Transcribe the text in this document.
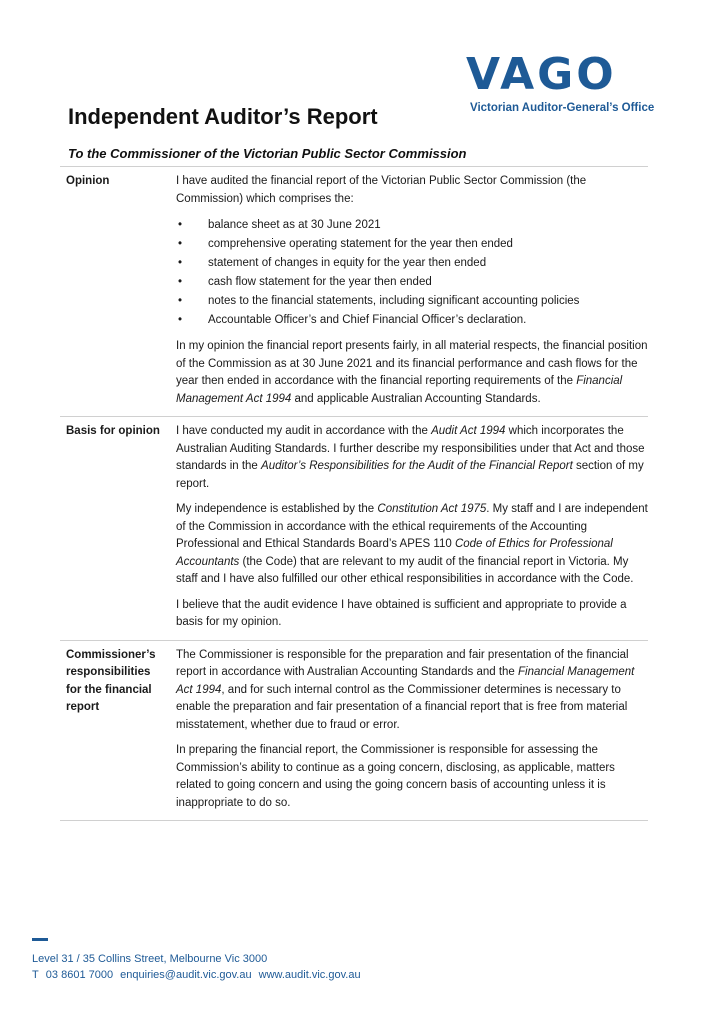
VAGO
Victorian Auditor-General’s Office
Independent Auditor’s Report
To the Commissioner of the Victorian Public Sector Commission
Opinion	I have audited the financial report of the Victorian Public Sector Commission (the Commission) which comprises the:

• balance sheet as at 30 June 2021
• comprehensive operating statement for the year then ended
• statement of changes in equity for the year then ended
• cash flow statement for the year then ended
• notes to the financial statements, including significant accounting policies
• Accountable Officer’s and Chief Financial Officer’s declaration.

In my opinion the financial report presents fairly, in all material respects, the financial position of the Commission as at 30 June 2021 and its financial performance and cash flows for the year then ended in accordance with the financial reporting requirements of the Financial Management Act 1994 and applicable Australian Accounting Standards.

Basis for opinion I have conducted my audit in accordance with the Audit Act 1994 which incorporates the Australian Auditing Standards. I further describe my responsibilities under that Act and those standards in the Auditor’s Responsibilities for the Audit of the Financial Report section of my report.

My independence is established by the Constitution Act 1975. My staff and I are independent of the Commission in accordance with the ethical requirements of the Accounting Professional and Ethical Standards Board’s APES 110 Code of Ethics for Professional Accountants (the Code) that are relevant to my audit of the financial report in Victoria. My staff and I have also fulfilled our other ethical responsibilities in accordance with the Code.

I believe that the audit evidence I have obtained is sufficient and appropriate to provide a basis for my opinion.

Commissioner’s responsibilities for the financial report

The Commissioner is responsible for the preparation and fair presentation of the financial report in accordance with Australian Accounting Standards and the Financial Management Act 1994, and for such internal control as the Commissioner determines is necessary to enable the preparation and fair presentation of a financial report that is free from material misstatement, whether due to fraud or error.

In preparing the financial report, the Commissioner is responsible for assessing the Commission’s ability to continue as a going concern, disclosing, as applicable, matters related to going concern and using the going concern basis of accounting unless it is inappropriate to do so.

Level 31 / 35 Collins Street, Melbourne Vic 3000
T 03 8601 7000 enquiries@audit.vic.gov.au www.audit.vic.gov.au
